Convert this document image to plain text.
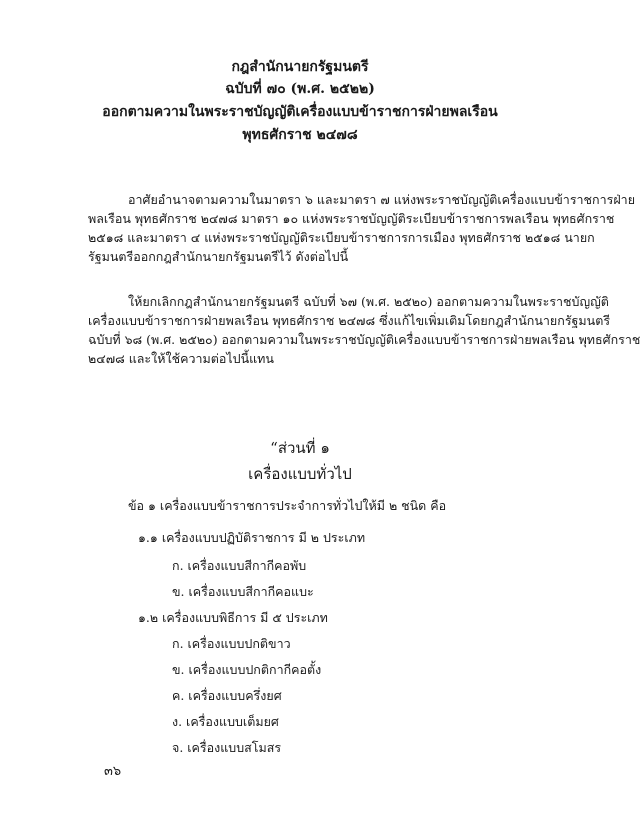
กฎสำนักนายกรัฐมนตรี
ฉบับที่ ๗๐ (พ.ศ. ๒๕๒๒)
ออกตามความในพระราชบัญญัติเครื่องแบบข้าราชการฝ่ายพลเรือน
พุทธศักราช ๒๔๗๘

อาศัยอำนาจตามความในมาตรา ๖ และมาตรา ๗ แห่งพระราชบัญญัติเครื่องแบบข้าราชการฝ่าย

พลเรือน พุทธศักราช ๒๔๗๘ มาตรา ๑๐ แห่งพระราชบัญญัติระเบียบข้าราชการพลเรือน พุทธศักราช

๒๕๑๘ และมาตรา ๔ แห่งพระราชบัญญัติระเบียบข้าราชการการเมือง พุทธศักราช ๒๕๑๘ นายก

รัฐมนตรีออกกฎสำนักนายกรัฐมนตรีไว้ ดังต่อไปนี้

ให้ยกเลิกกฎสำนักนายกรัฐมนตรี ฉบับที่ ๖๗ (พ.ศ. ๒๕๒๐) ออกตามความในพระราชบัญญัติ

เครื่องแบบข้าราชการฝ่ายพลเรือน พุทธศักราช ๒๔๗๘ ซึ่งแก้ไขเพิ่มเติมโดยกฎสำนักนายกรัฐมนตรี

ฉบับที่ ๖๘ (พ.ศ. ๒๕๒๐) ออกตามความในพระราชบัญญัติเครื่องแบบข้าราชการฝ่ายพลเรือน พุทธศักราช

๒๔๗๘ และให้ใช้ความต่อไปนี้แทน

“ส่วนที่ ๑
เครื่องแบบทั่วไป
ข้อ ๑ เครื่องแบบข้าราชการประจำการทั่วไปให้มี ๒ ชนิด คือ
๑.๑ เครื่องแบบปฏิบัติราชการ มี ๒ ประเภท
ก. เครื่องแบบสีกากีคอพับ
ข. เครื่องแบบสีกากีคอแบะ
๑.๒ เครื่องแบบพิธีการ มี ๕ ประเภท
ก. เครื่องแบบปกติขาว
ข. เครื่องแบบปกติกากีคอตั้ง
ค. เครื่องแบบครึ่งยศ
ง. เครื่องแบบเต็มยศ
จ. เครื่องแบบสโมสร
๓๖
